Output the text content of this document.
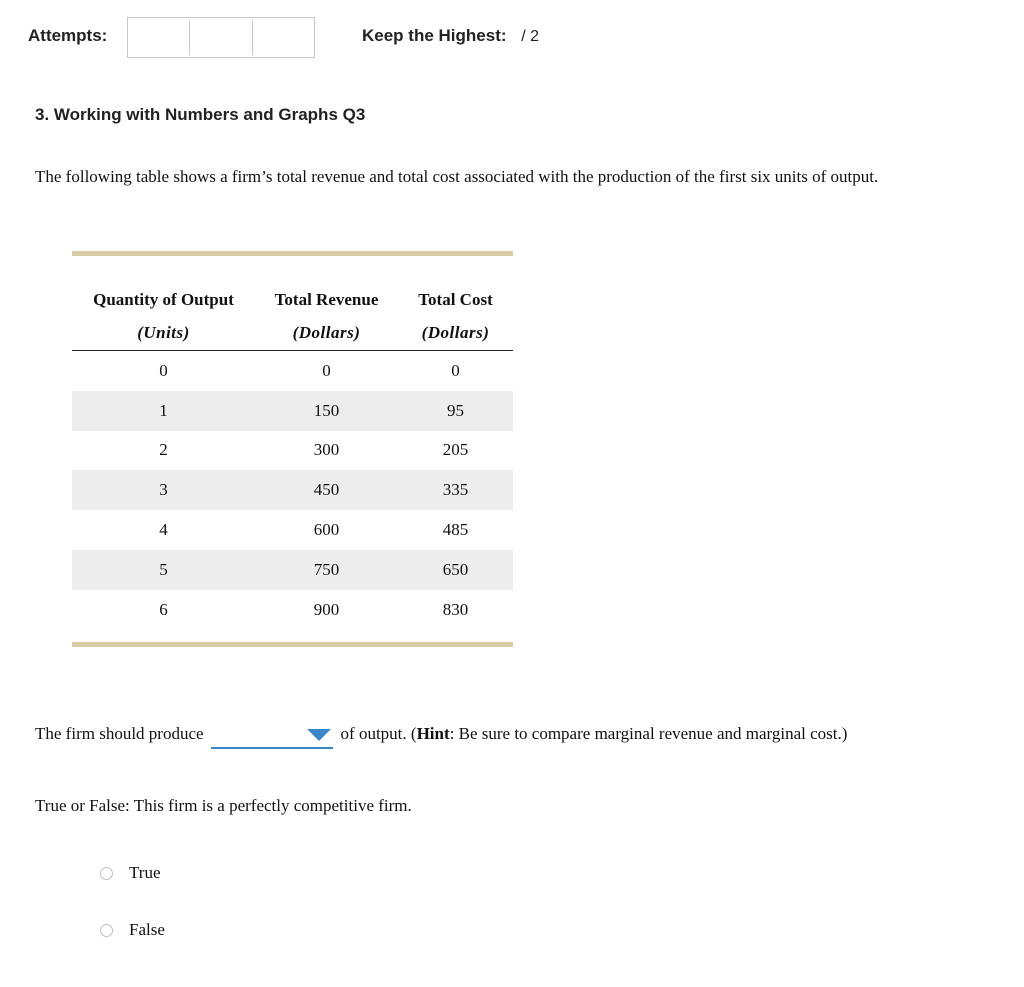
Attempts:	Keep the Highest: / 2
3. Working with Numbers and Graphs Q3
The following table shows a firm’s total revenue and total cost associated with the production of the first six units of output.
Quantity of Output	Total Revenue	Total Cost
(Units)	(Dollars)	(Dollars)
0	0	0
1	150	95
2	300	205
3	450	335
4	600	485
5	750	650
6	900	830
The firm should produce	of output. ( Hint : Be sure to compare marginal revenue and marginal cost.)
True or False: This firm is a perfectly competitive firm.
True
False
